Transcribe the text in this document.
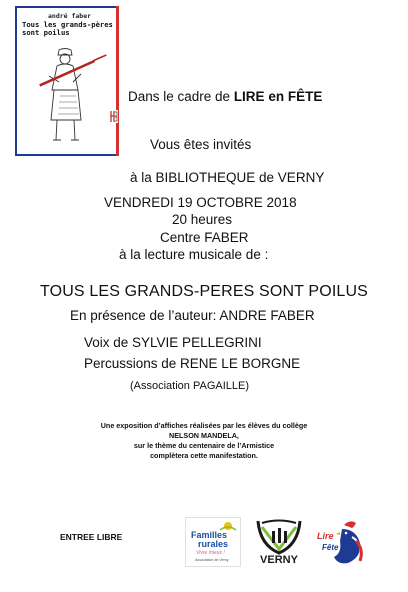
andré faber
Tous les grands-pères
sont poilus
Dans le cadre de LIRE en FÊTE
Vous êtes invités
à la BIBLIOTHEQUE de VERNY
VENDREDI 19 OCTOBRE 2018
20 heures
Centre FABER
à la lecture musicale de :
TOUS LES GRANDS-PERES SONT POILUS
En présence de l’auteur: ANDRE FABER
Voix de SYLVIE PELLEGRINI
Percussions de RENE LE BORGNE
(Association PAGAILLE)
Une exposition d’affiches réalisées par les élèves du collège
NELSON MANDELA,
sur le thème du centenaire de l’Armistice
complètera cette manifestation.
ENTREE LIBRE	Familles
rurales
Vivre mieux !
Association de Verny	VERNY
Lire
Fête
